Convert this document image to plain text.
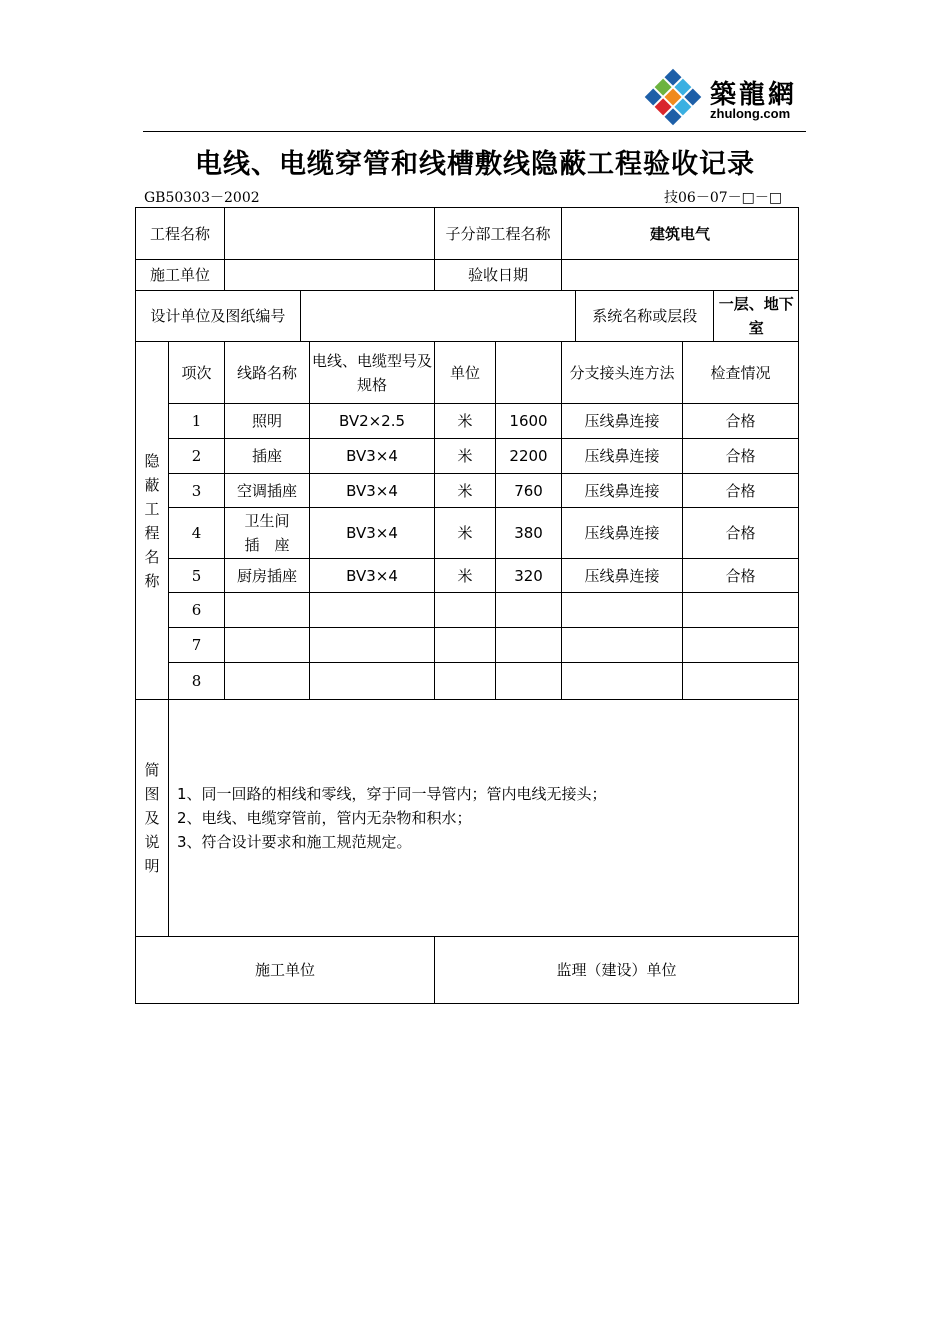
築龍網
zhulong.com
电线、电缆穿管和线槽敷线隐蔽工程验收记录
GB50303－2002	技06－07－□－□
工程名称		子分部工程名称	建筑电气
施工单位		验收日期	

设计单位及图纸编号		系统名称或层段	一层、地下室

隐
蔽
工
程
名
称
	项次	线路名称	电线、电缆型号及规格	单位		分支接头连方法	检查情况
1	照明	BV2×2.5	米	1600	压线鼻连接	合格
2	插座	BV3×4	米	2200	压线鼻连接	合格
3	空调插座	BV3×4	米	760	压线鼻连接	合格
4	卫生间插　座	BV3×4	米	380	压线鼻连接	合格
5	厨房插座	BV3×4	米	320	压线鼻连接	合格
6						
7						
8						

简
图
及
说
明

1、同一回路的相线和零线，穿于同一导管内；管内电线无接头；
2、电线、电缆穿管前，管内无杂物和积水；
3、符合设计要求和施工规范规定。

施工单位	监理（建设）单位
